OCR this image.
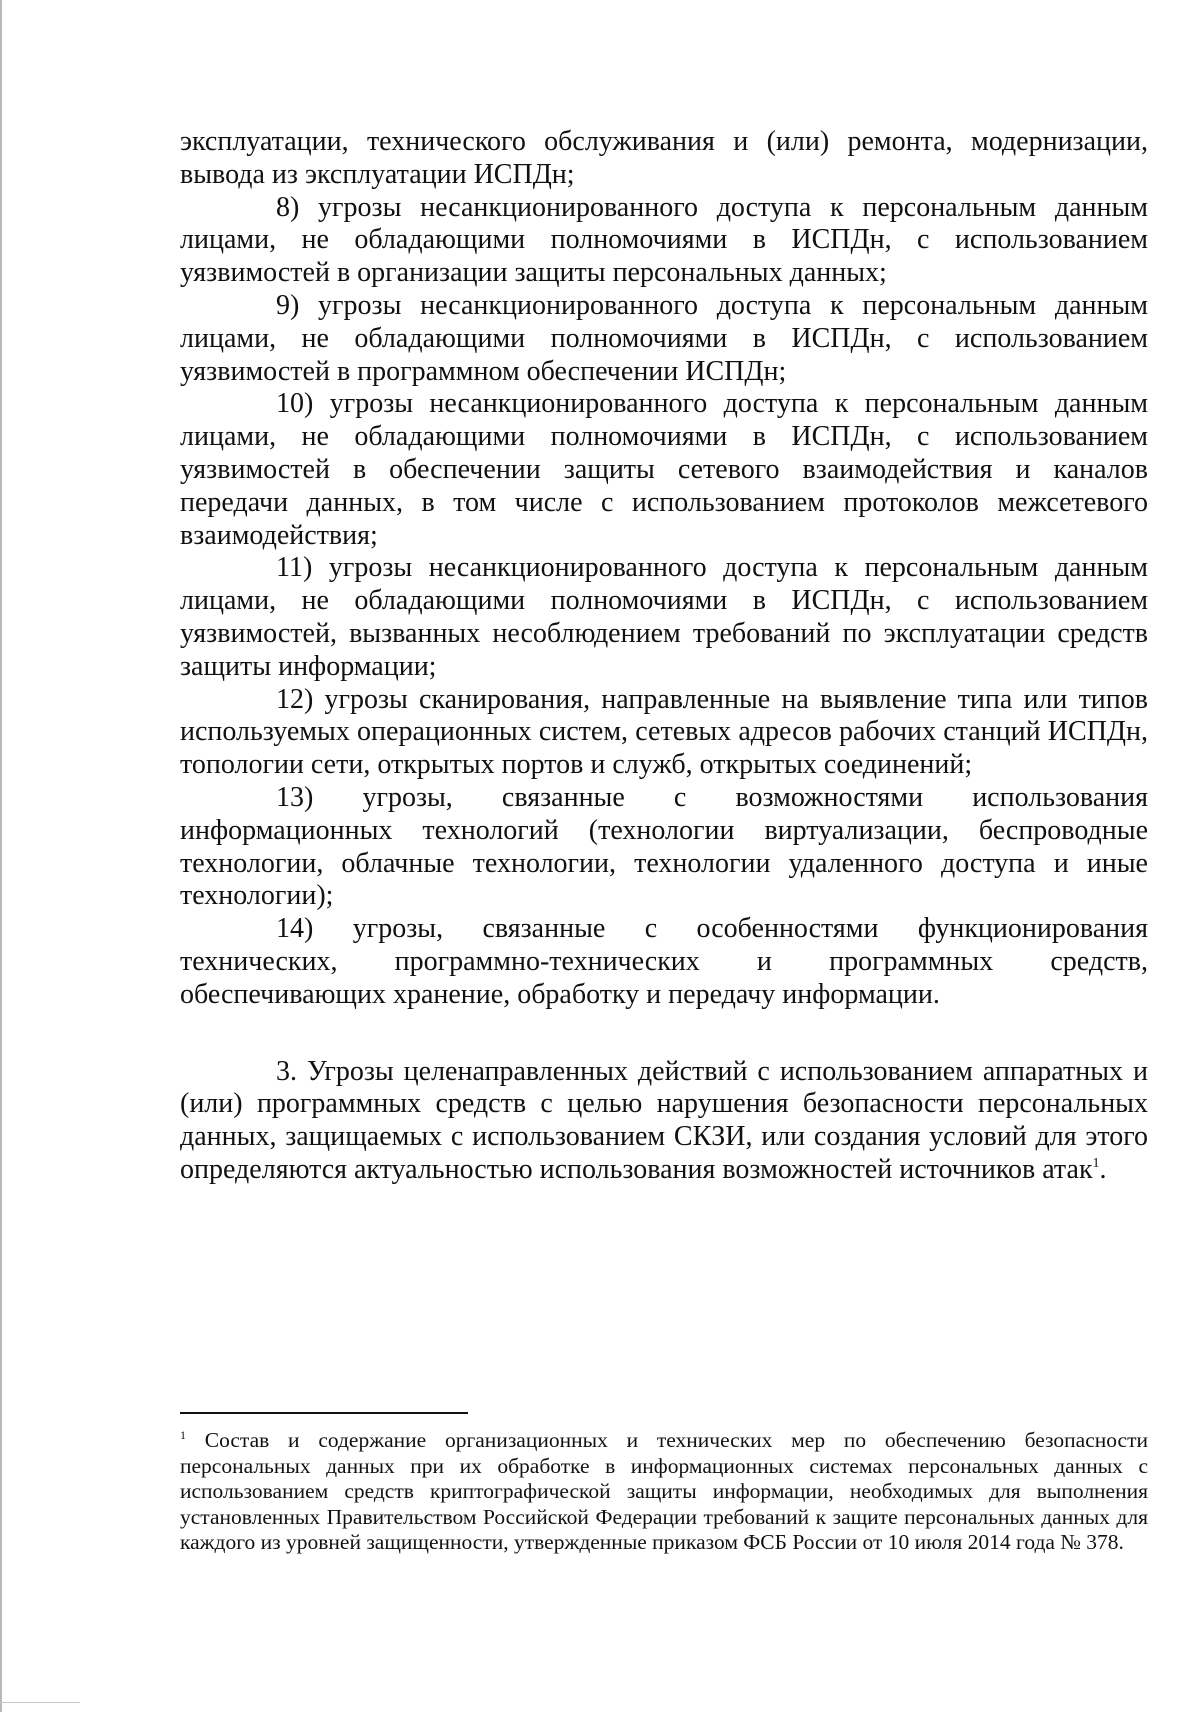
эксплуатации, технического обслуживания и (или) ремонта, модернизации, вывода из эксплуатации ИСПДн;

8) угрозы несанкционированного доступа к персональным данным лицами, не обладающими полномочиями в ИСПДн, с использованием уязвимостей в организации защиты персональных данных;

9) угрозы несанкционированного доступа к персональным данным лицами, не обладающими полномочиями в ИСПДн, с использованием уязвимостей в программном обеспечении ИСПДн;

10) угрозы несанкционированного доступа к персональным данным лицами, не обладающими полномочиями в ИСПДн, с использованием уязвимостей в обеспечении защиты сетевого взаимодействия и каналов передачи данных, в том числе с использованием протоколов межсетевого взаимодействия;

11) угрозы несанкционированного доступа к персональным данным лицами, не обладающими полномочиями в ИСПДн, с использованием уязвимостей, вызванных несоблюдением требований по эксплуатации средств защиты информации;

12) угрозы сканирования, направленные на выявление типа или типов используемых операционных систем, сетевых адресов рабочих станций ИСПДн, топологии сети, открытых портов и служб, открытых соединений;

13) угрозы, связанные с возможностями использования информационных технологий (технологии виртуализации, беспроводные технологии, облачные технологии, технологии удаленного доступа и иные технологии);

14) угрозы, связанные с особенностями функционирования технических, программно-технических и программных средств, обеспечивающих хранение, обработку и передачу информации.

3. Угрозы целенаправленных действий с использованием аппаратных и (или) программных средств с целью нарушения безопасности персональных данных, защищаемых с использованием СКЗИ, или создания условий для этого определяются актуальностью использования возможностей источников атак$^1$.

$^1$ Состав и содержание организационных и технических мер по обеспечению безопасности персональных данных при их обработке в информационных системах персональных данных с использованием средств криптографической защиты информации, необходимых для выполнения установленных Правительством Российской Федерации требований к защите персональных данных для каждого из уровней защищенности, утвержденные приказом ФСБ России от 10 июля 2014 года № 378.
